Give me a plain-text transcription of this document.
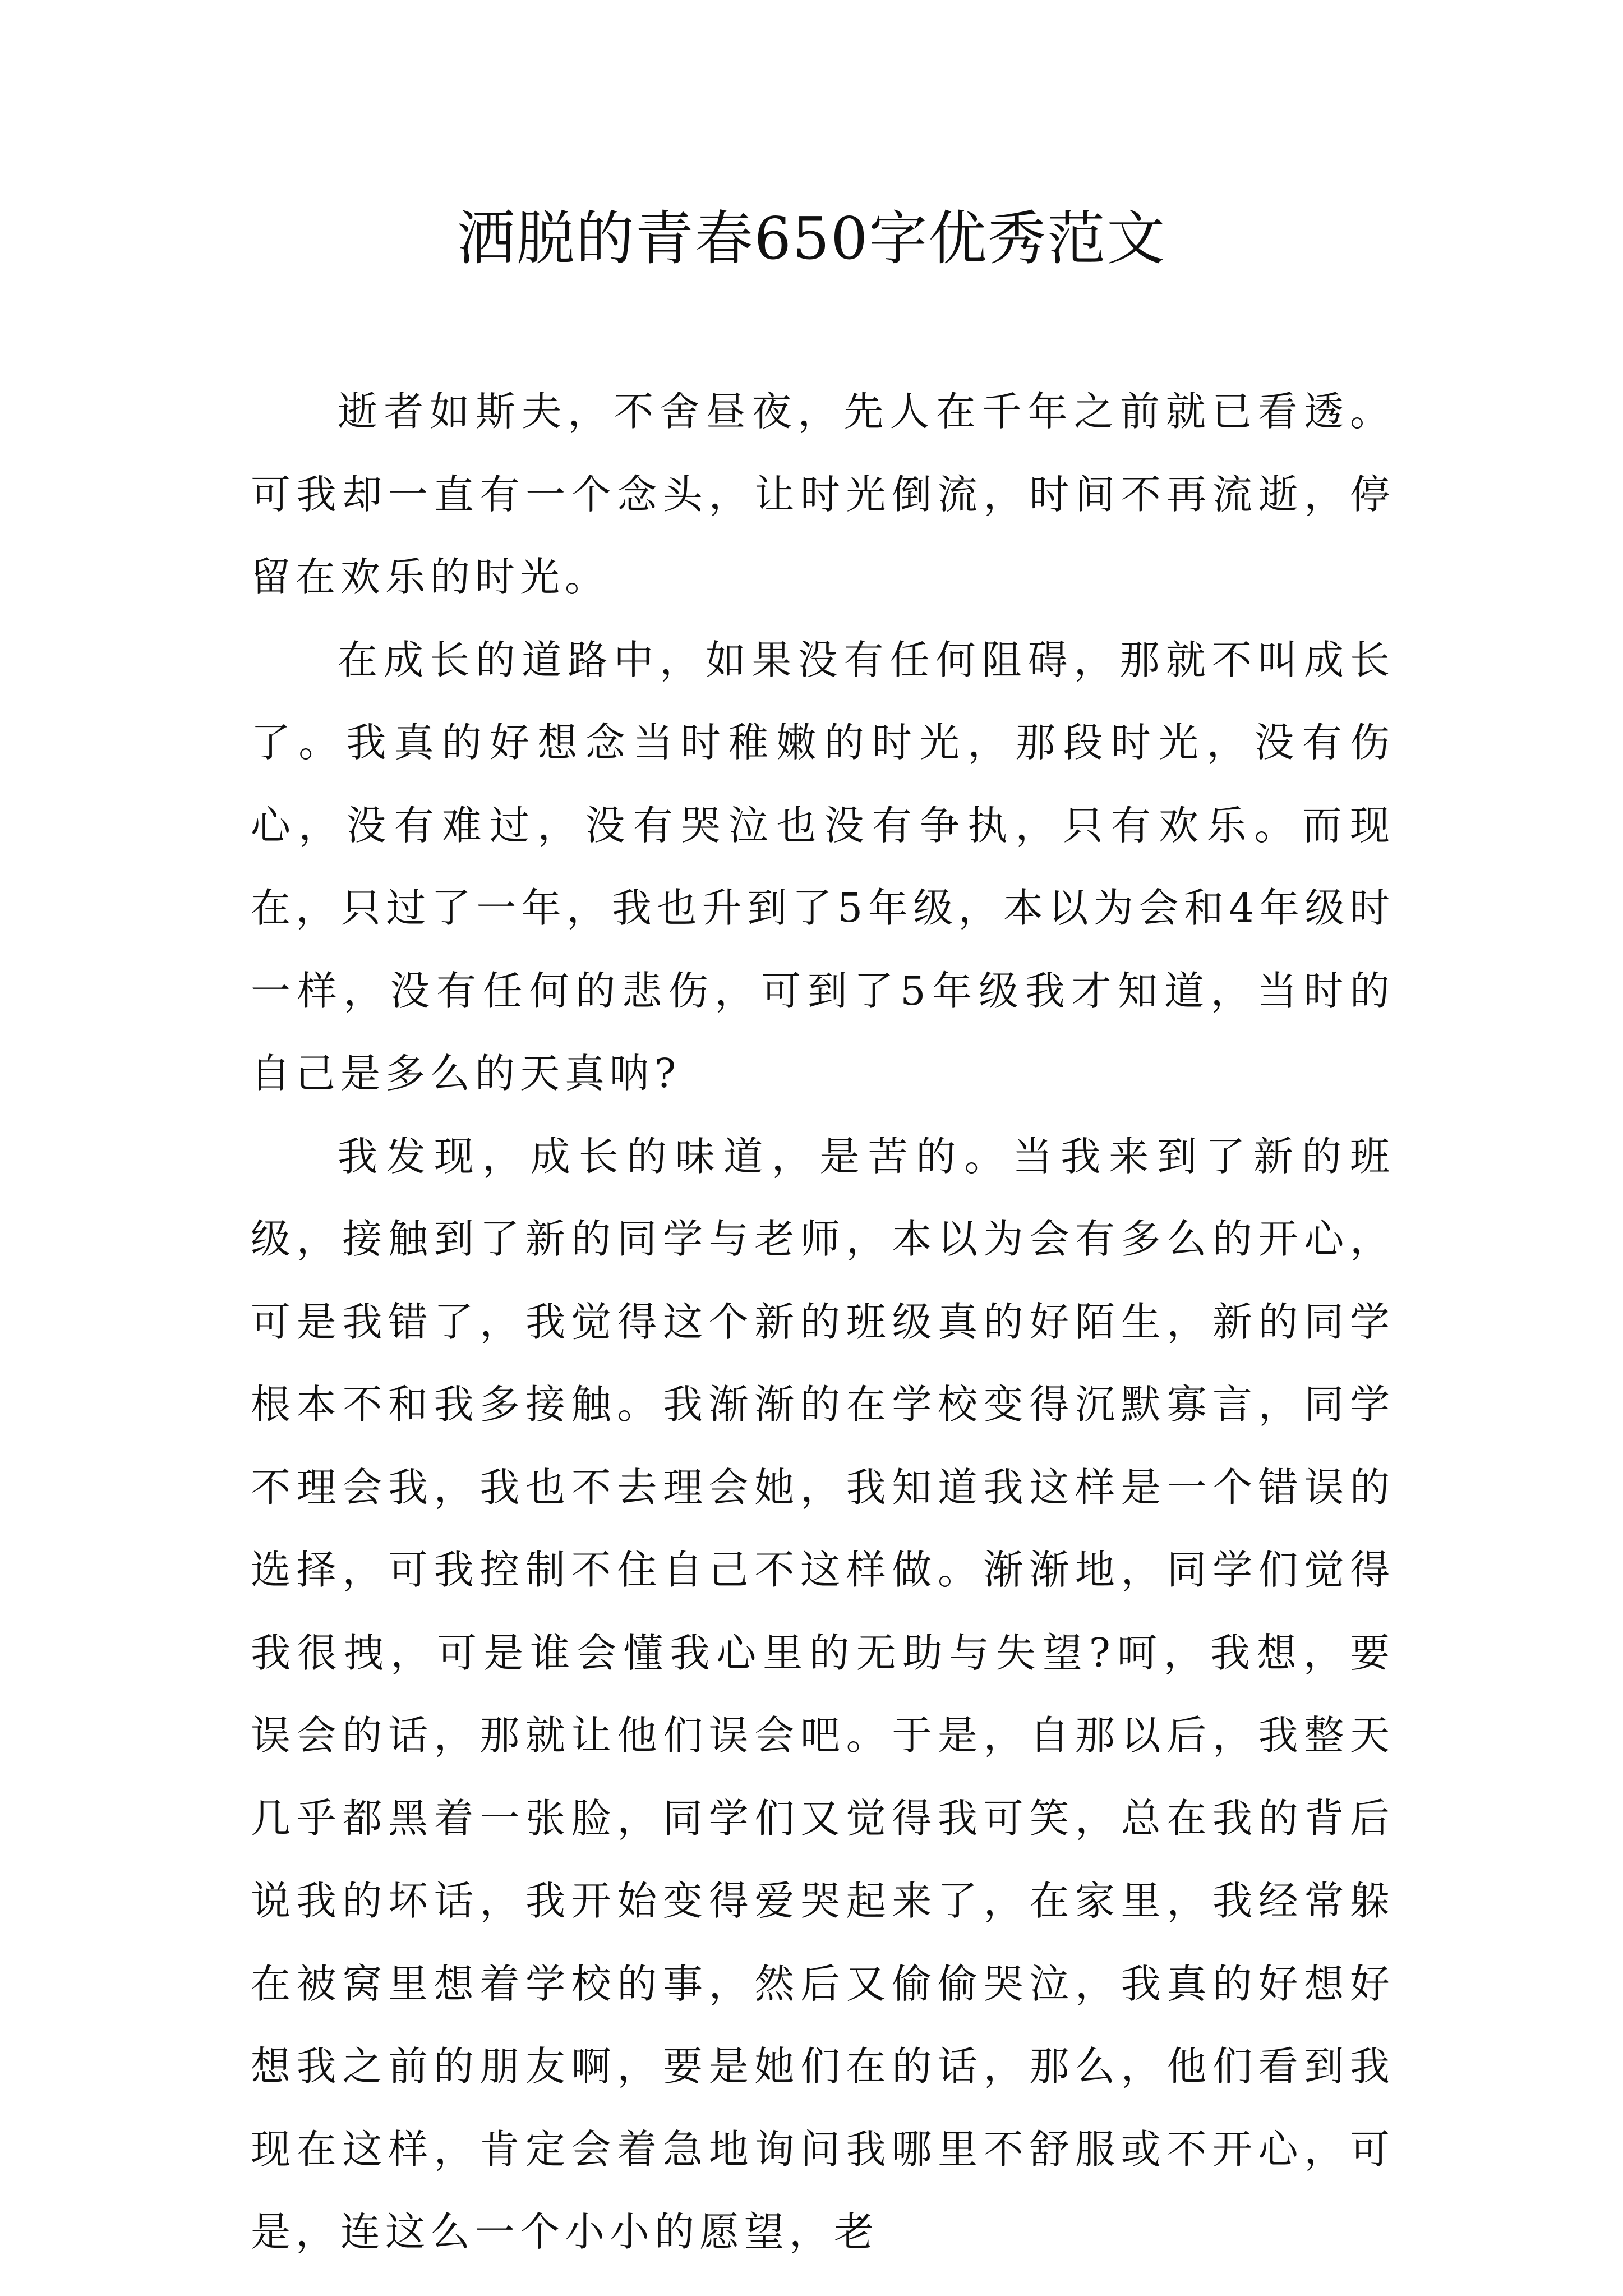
洒脱的青春650字优秀范文

逝者如斯夫，不舍昼夜，先人在千年之前就已看透。可我却一直有一个念头，让时光倒流，时间不再流逝，停留在欢乐的时光。

在成长的道路中，如果没有任何阻碍，那就不叫成长了。我真的好想念当时稚嫩的时光，那段时光，没有伤心，没有难过，没有哭泣也没有争执，只有欢乐。而现在，只过了一年，我也升到了5年级，本以为会和4年级时一样，没有任何的悲伤，可到了5年级我才知道，当时的自己是多么的天真呐?

我发现，成长的味道，是苦的。当我来到了新的班级，接触到了新的同学与老师，本以为会有多么的开心，可是我错了，我觉得这个新的班级真的好陌生，新的同学根本不和我多接触。我渐渐的在学校变得沉默寡言，同学不理会我，我也不去理会她，我知道我这样是一个错误的选择，可我控制不住自己不这样做。渐渐地，同学们觉得我很拽，可是谁会懂我心里的无助与失望?呵，我想，要误会的话，那就让他们误会吧。于是，自那以后，我整天几乎都黑着一张脸，同学们又觉得我可笑，总在我的背后说我的坏话，我开始变得爱哭起来了，在家里，我经常躲在被窝里想着学校的事，然后又偷偷哭泣，我真的好想好想我之前的朋友啊，要是她们在的话，那么，他们看到我现在这样，肯定会着急地询问我哪里不舒服或不开心，可是，连这么一个小小的愿望，老
